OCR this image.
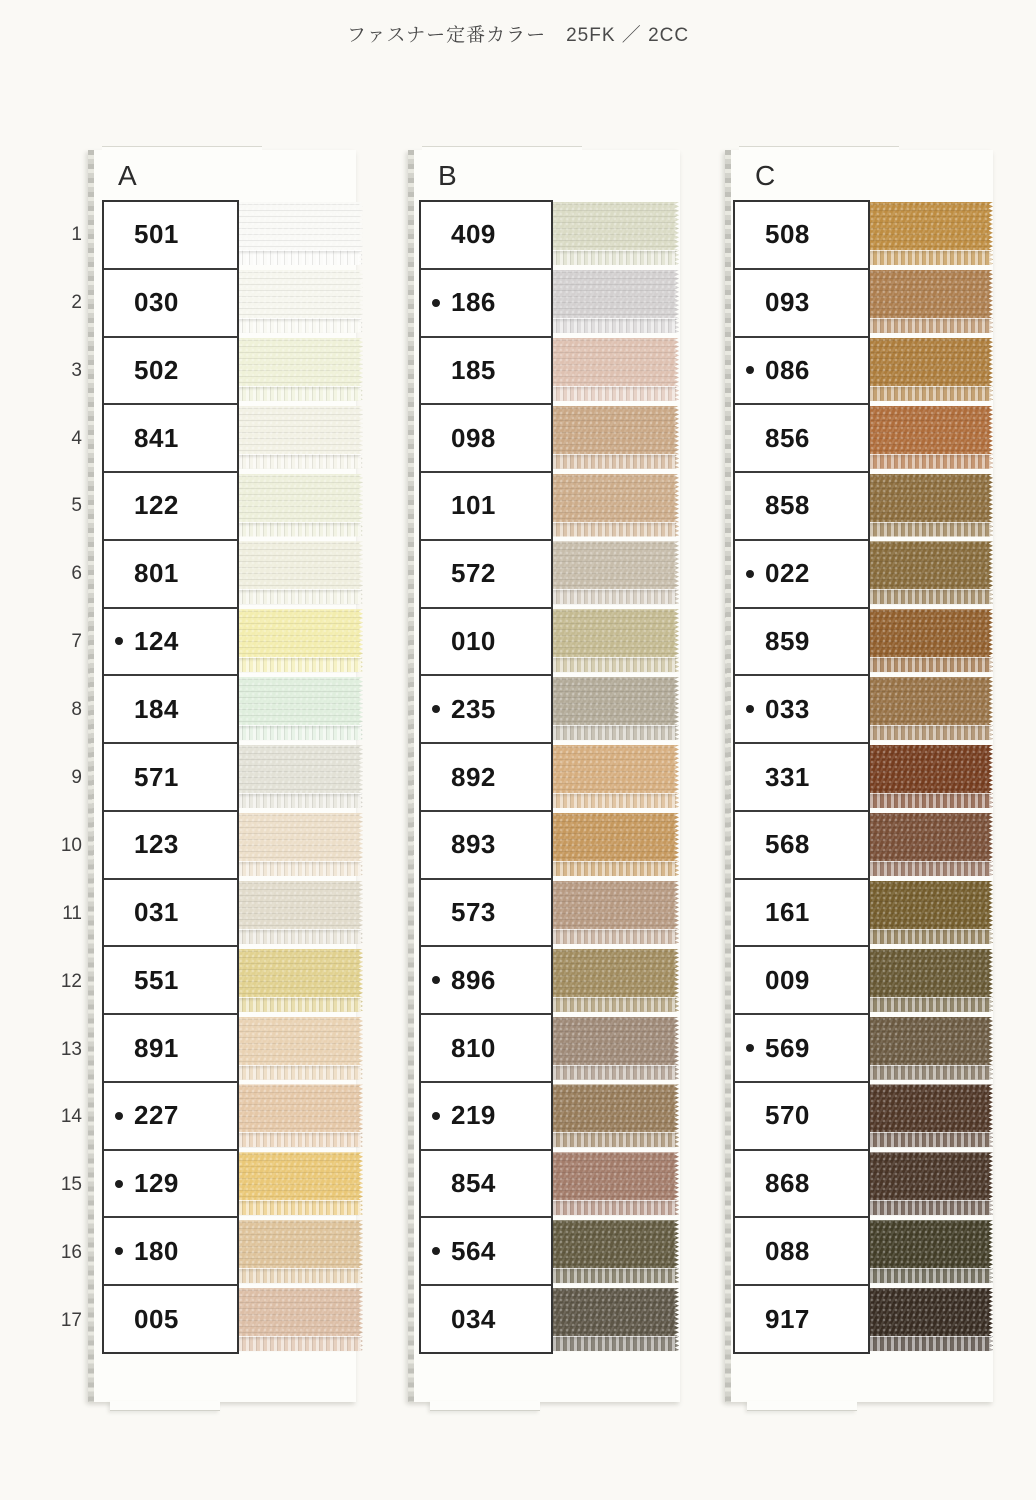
ファスナー定番カラー　25FK ／ 2CC
A
501
030
502
841
122
801
124
184
571
123
031
551
891
227
129
180
005
B
409
186
185
098
101
572
010
235
892
893
573
896
810
219
854
564
034
C
508
093
086
856
858
022
859
033
331
568
161
009
569
570
868
088
917
1
2
3
4
5
6
7
8
9
10
11
12
13
14
15
16
17
